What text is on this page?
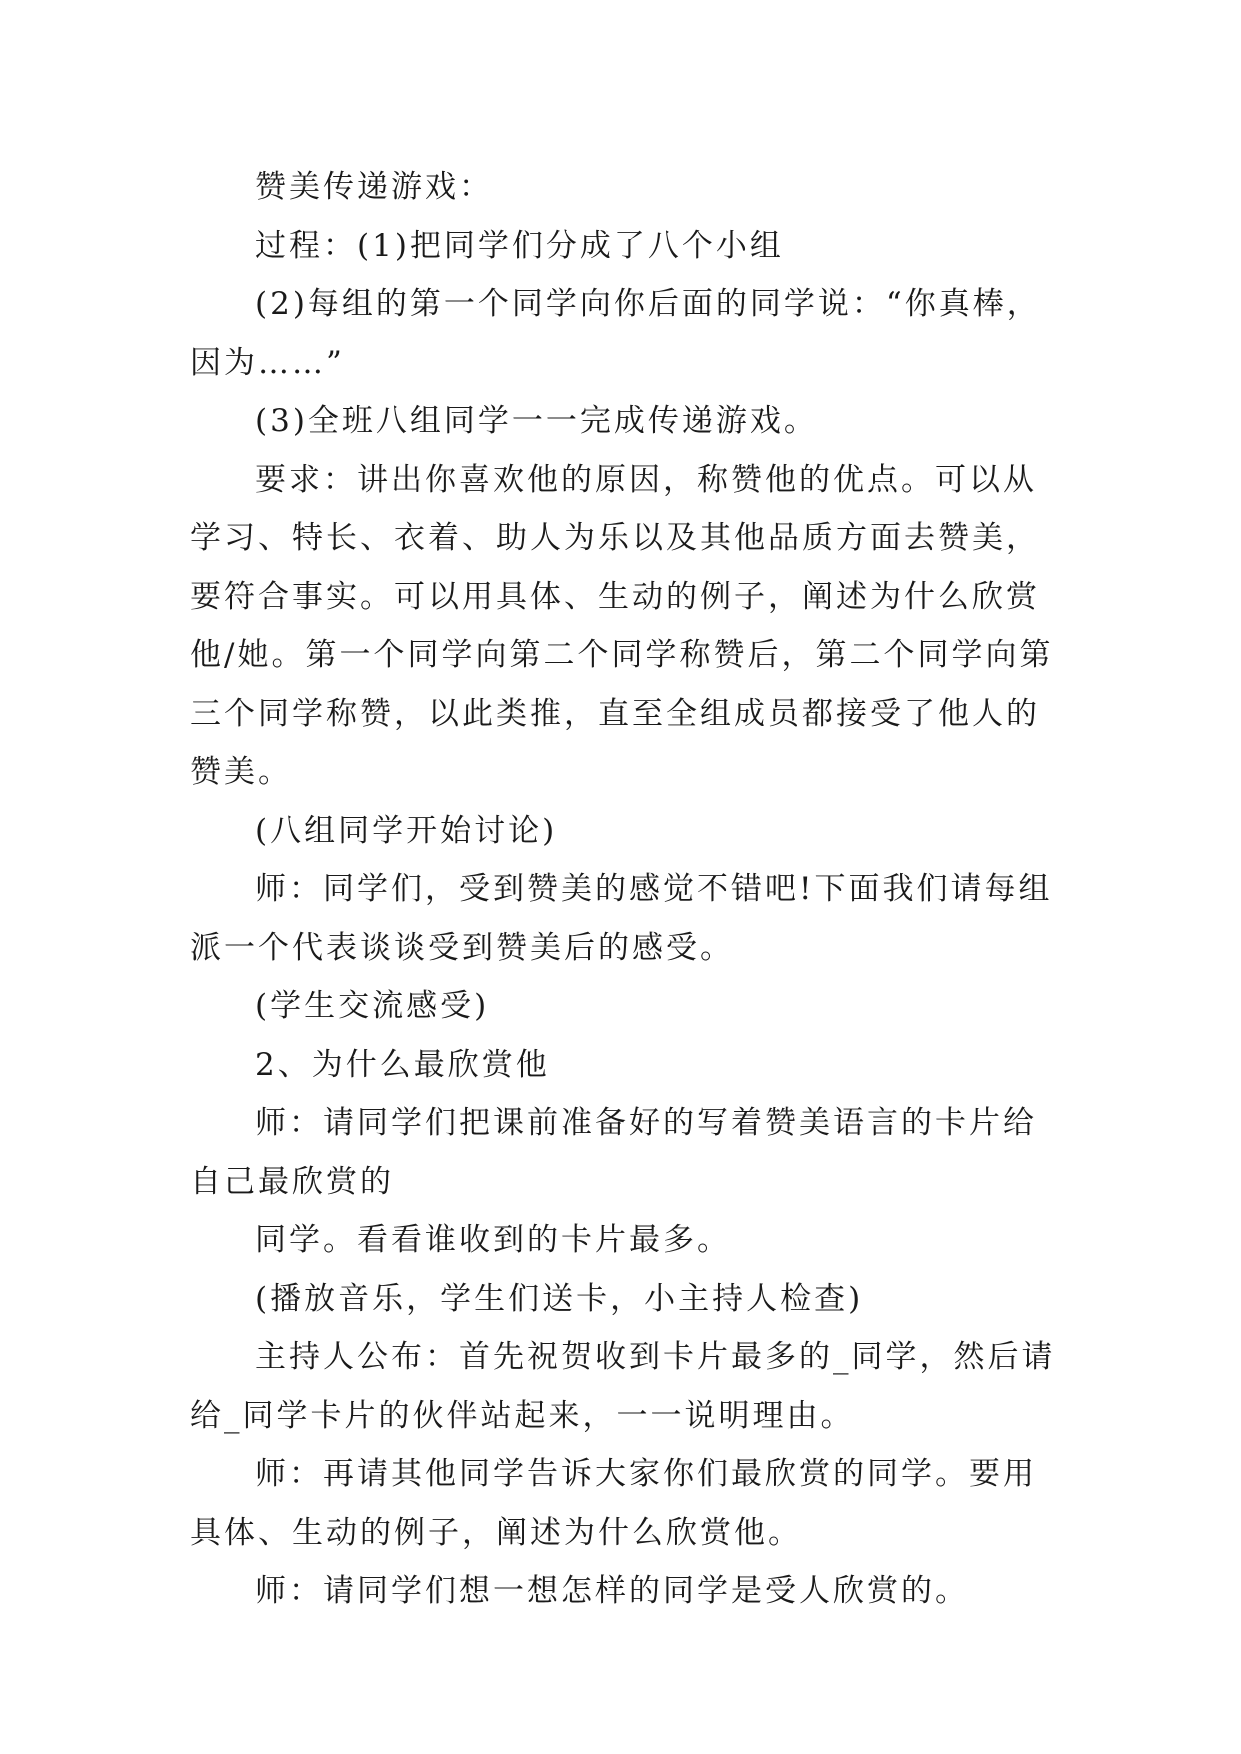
赞美传递游戏：

过程：(1)把同学们分成了八个小组

(2)每组的第一个同学向你后面的同学说：“你真棒，因为……”

(3)全班八组同学一一完成传递游戏。

要求：讲出你喜欢他的原因，称赞他的优点。可以从学习、特长、衣着、助人为乐以及其他品质方面去赞美，要符合事实。可以用具体、生动的例子，阐述为什么欣赏他/她。第一个同学向第二个同学称赞后，第二个同学向第三个同学称赞，以此类推，直至全组成员都接受了他人的赞美。

(八组同学开始讨论)

师：同学们，受到赞美的感觉不错吧!下面我们请每组派一个代表谈谈受到赞美后的感受。

(学生交流感受)

2、为什么最欣赏他

师：请同学们把课前准备好的写着赞美语言的卡片给自己最欣赏的

同学。看看谁收到的卡片最多。

(播放音乐，学生们送卡，小主持人检查)

主持人公布：首先祝贺收到卡片最多的_同学，然后请给_同学卡片的伙伴站起来，一一说明理由。

师：再请其他同学告诉大家你们最欣赏的同学。要用具体、生动的例子，阐述为什么欣赏他。

师：请同学们想一想怎样的同学是受人欣赏的。
